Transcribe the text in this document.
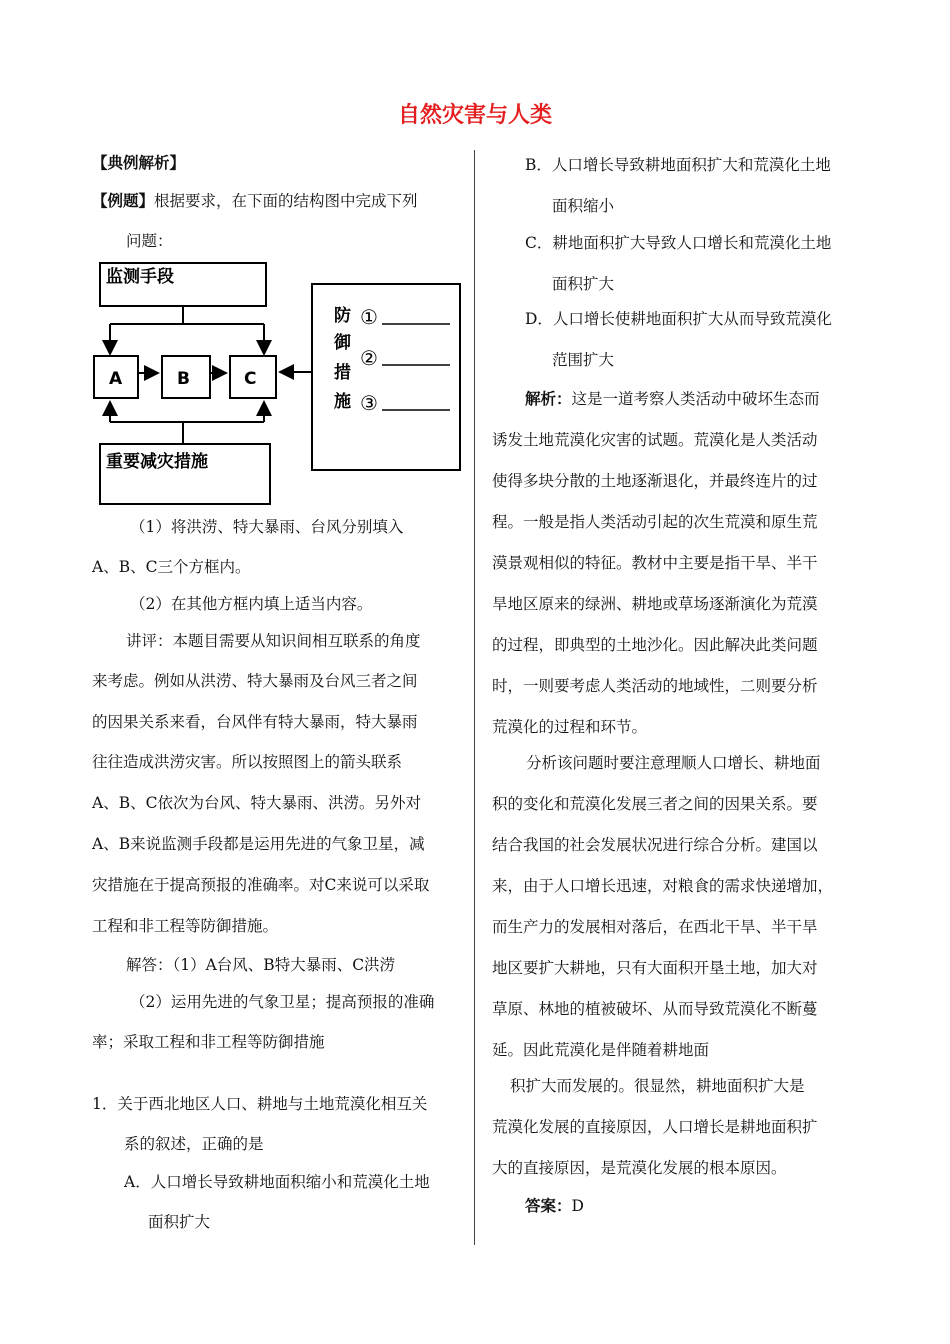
自然灾害与人类
【典例解析】
【例题】根据要求，在下面的结构图中完成下列
问题：
监测手段
A	B	C
防
御
措
施
①
②
③
重要减灾措施
（1）将洪涝、特大暴雨、台风分别填入
A、B、C三个方框内。
（2）在其他方框内填上适当内容。
讲评：本题目需要从知识间相互联系的角度
来考虑。例如从洪涝、特大暴雨及台风三者之间
的因果关系来看，台风伴有特大暴雨，特大暴雨
往往造成洪涝灾害。所以按照图上的箭头联系
A、B、C依次为台风、特大暴雨、洪涝。另外对
A、B来说监测手段都是运用先进的气象卫星，减
灾措施在于提高预报的准确率。对C来说可以采取
工程和非工程等防御措施。
解答：（1）A台风、B特大暴雨、C洪涝
（2）运用先进的气象卫星；提高预报的准确
率；采取工程和非工程等防御措施
1．关于西北地区人口、耕地与土地荒漠化相互关
系的叙述，正确的是
A．人口增长导致耕地面积缩小和荒漠化土地
面积扩大
B．人口增长导致耕地面积扩大和荒漠化土地
面积缩小
C．耕地面积扩大导致人口增长和荒漠化土地
面积扩大
D．人口增长使耕地面积扩大从而导致荒漠化
范围扩大
解析：这是一道考察人类活动中破坏生态而
诱发土地荒漠化灾害的试题。荒漠化是人类活动
使得多块分散的土地逐渐退化，并最终连片的过
程。一般是指人类活动引起的次生荒漠和原生荒
漠景观相似的特征。教材中主要是指干旱、半干
旱地区原来的绿洲、耕地或草场逐渐演化为荒漠
的过程，即典型的土地沙化。因此解决此类问题
时，一则要考虑人类活动的地域性，二则要分析
荒漠化的过程和环节。
分析该问题时要注意理顺人口增长、耕地面
积的变化和荒漠化发展三者之间的因果关系。要
结合我国的社会发展状况进行综合分析。建国以
来，由于人口增长迅速，对粮食的需求快递增加，
而生产力的发展相对落后，在西北干旱、半干旱
地区要扩大耕地，只有大面积开垦土地，加大对
草原、林地的植被破坏、从而导致荒漠化不断蔓
延。因此荒漠化是伴随着耕地面
积扩大而发展的。很显然，耕地面积扩大是
荒漠化发展的直接原因，人口增长是耕地面积扩
大的直接原因，是荒漠化发展的根本原因。
答案：D
